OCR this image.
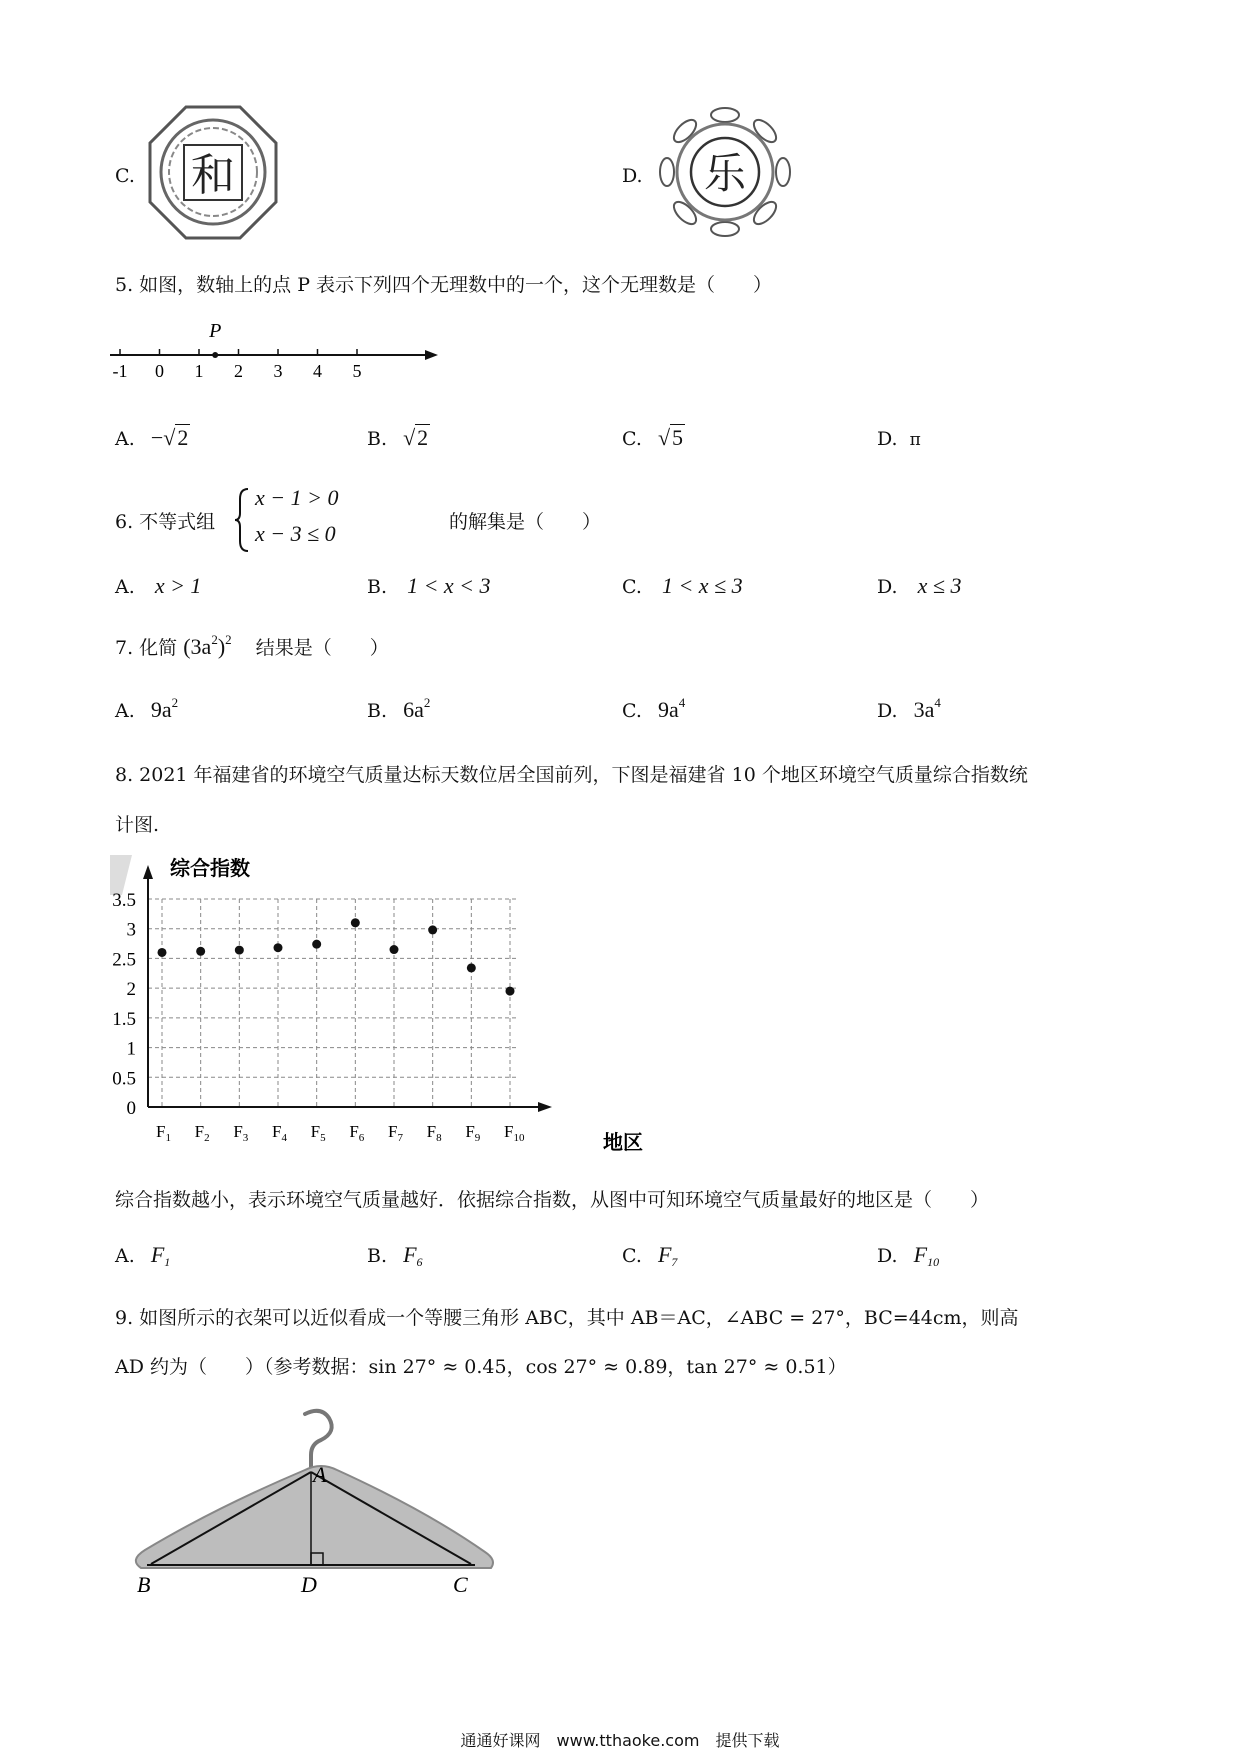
C. 和	D. 乐
5. 如图，数轴上的点 P 表示下列四个无理数中的一个，这个无理数是（　　）
-1 0 1 2 3 4 5
P
A. −√2	B. √2	C. √5	D. π
6. 不等式组
x − 1 > 0
x − 3 ≤ 0	的解集是（　　）
A. x > 1	B. 1 < x < 3	C. 1 < x ≤ 3	D. x ≤ 3
7. 化简 $(3a^2)^2$ 结果是（　　）
A. $9a^2$	B. $6a^2$	C. $9a^4$	D. $3a^4$
8. 2021 年福建省的环境空气质量达标天数位居全国前列，下图是福建省 10 个地区环境空气质量综合指数统
计图.
0
0.5
1
1.5
2
2.5
3
3.5
$F_1$ $F_2$ $F_3$ $F_4$ $F_5$ $F_6$ $F_7$ $F_8$ $F_9$ $F_{10}$
综合指数
地区
综合指数越小，表示环境空气质量越好．依据综合指数，从图中可知环境空气质量最好的地区是（　　）
A. $F_1$	B. $F_6$	C. $F_7$	D. $F_{10}$
9. 如图所示的衣架可以近似看成一个等腰三角形 ABC，其中 AB＝AC，∠ABC = 27°，BC=44cm，则高
AD 约为（　　）（参考数据：sin 27° ≈ 0.45，cos 27° ≈ 0.89，tan 27° ≈ 0.51）
A
B	D	C
通通好课网　www.tthaoke.com　提供下载
